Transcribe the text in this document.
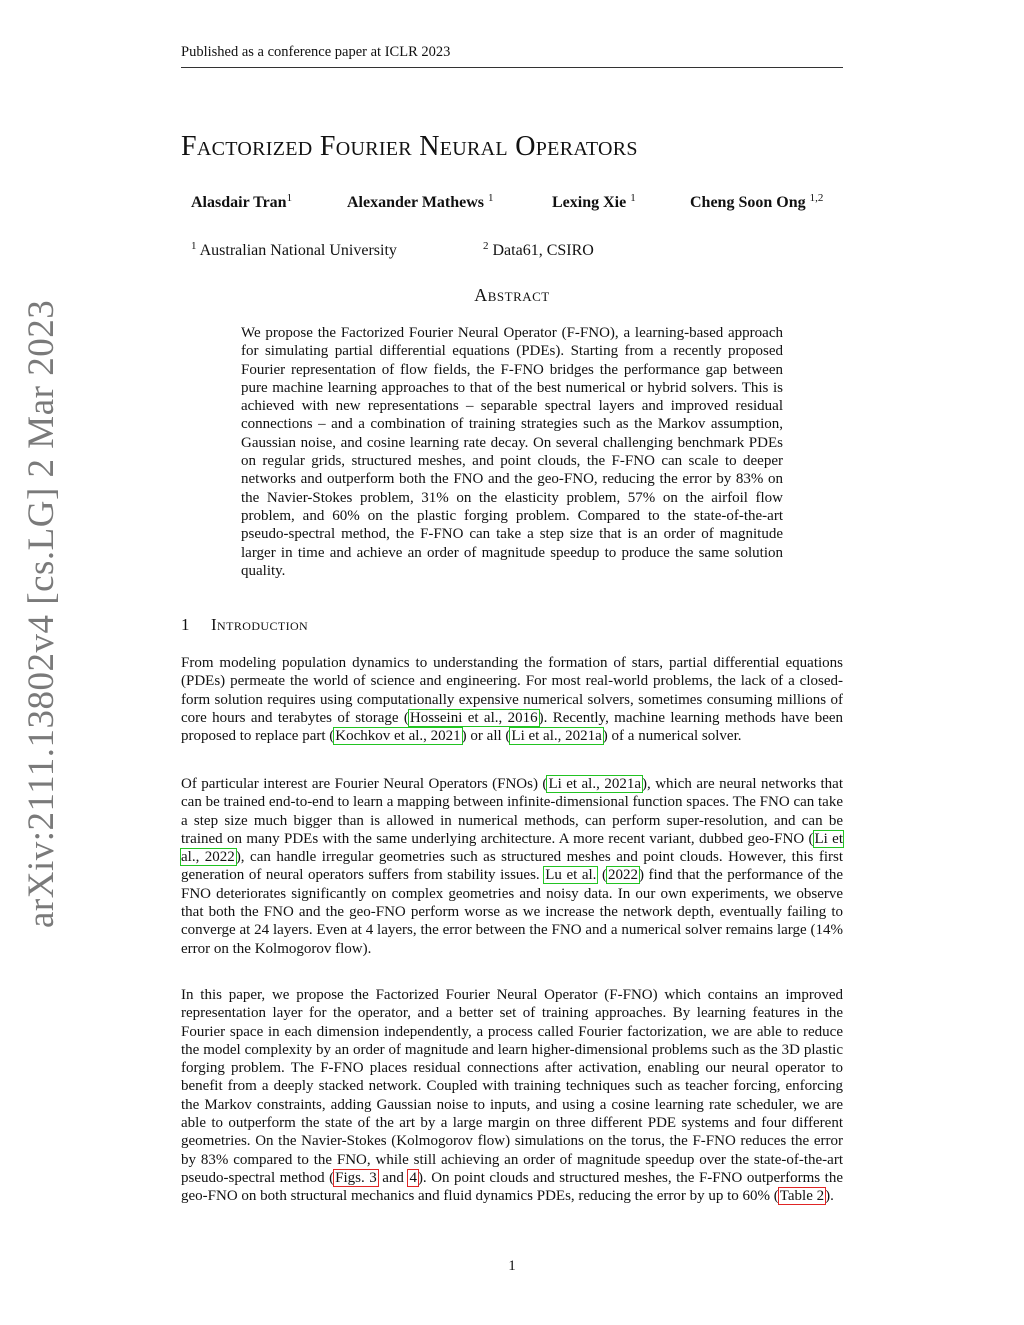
Published as a conference paper at ICLR 2023
Factorized Fourier Neural Operators
Alasdair Tran$^1$	Alexander Mathews $^1$	Lexing Xie $^1$	Cheng Soon Ong $^{1,2}$
$^1$ Australian National University	$^2$ Data61, CSIRO
Abstract
We propose the Factorized Fourier Neural Operator (F-FNO), a learning-based approach for simulating partial differential equations (PDEs). Starting from a recently proposed Fourier representation of flow fields, the F-FNO bridges the performance gap between pure machine learning approaches to that of the best numerical or hybrid solvers. This is achieved with new representations – separable spectral layers and improved residual connections – and a combination of training strategies such as the Markov assumption, Gaussian noise, and cosine learning rate decay. On several challenging benchmark PDEs on regular grids, structured meshes, and point clouds, the F-FNO can scale to deeper networks and outperform both the FNO and the geo-FNO, reducing the error by 83% on the Navier-Stokes problem, 31% on the elasticity problem, 57% on the airfoil flow problem, and 60% on the plastic forging problem. Compared to the state-of-the-art pseudo-spectral method, the F-FNO can take a step size that is an order of magnitude larger in time and achieve an order of magnitude speedup to produce the same solution quality.
1 Introduction

From modeling population dynamics to understanding the formation of stars, partial differential equations (PDEs) permeate the world of science and engineering. For most real-world problems, the lack of a closed-form solution requires using computationally expensive numerical solvers, sometimes consuming millions of core hours and terabytes of storage (Hosseini et al., 2016). Recently, machine learning methods have been proposed to replace part (Kochkov et al., 2021) or all (Li et al., 2021a) of a numerical solver.

Of particular interest are Fourier Neural Operators (FNOs) (Li et al., 2021a), which are neural networks that can be trained end-to-end to learn a mapping between infinite-dimensional function spaces. The FNO can take a step size much bigger than is allowed in numerical methods, can perform super-resolution, and can be trained on many PDEs with the same underlying architecture. A more recent variant, dubbed geo-FNO (Li et al., 2022), can handle irregular geometries such as structured meshes and point clouds. However, this first generation of neural operators suffers from stability issues. Lu et al. (2022) find that the performance of the FNO deteriorates significantly on complex geometries and noisy data. In our own experiments, we observe that both the FNO and the geo-FNO perform worse as we increase the network depth, eventually failing to converge at 24 layers. Even at 4 layers, the error between the FNO and a numerical solver remains large (14% error on the Kolmogorov flow).

In this paper, we propose the Factorized Fourier Neural Operator (F-FNO) which contains an improved representation layer for the operator, and a better set of training approaches. By learning features in the Fourier space in each dimension independently, a process called Fourier factorization, we are able to reduce the model complexity by an order of magnitude and learn higher-dimensional problems such as the 3D plastic forging problem. The F-FNO places residual connections after activation, enabling our neural operator to benefit from a deeply stacked network. Coupled with training techniques such as teacher forcing, enforcing the Markov constraints, adding Gaussian noise to inputs, and using a cosine learning rate scheduler, we are able to outperform the state of the art by a large margin on three different PDE systems and four different geometries. On the Navier-Stokes (Kolmogorov flow) simulations on the torus, the F-FNO reduces the error by 83% compared to the FNO, while still achieving an order of magnitude speedup over the state-of-the-art pseudo-spectral method (Figs. 3 and 4). On point clouds and structured meshes, the F-FNO outperforms the geo-FNO on both structural mechanics and fluid dynamics PDEs, reducing the error by up to 60% (Table 2).

arXiv:2111.13802v4 [cs.LG] 2 Mar 2023
1
